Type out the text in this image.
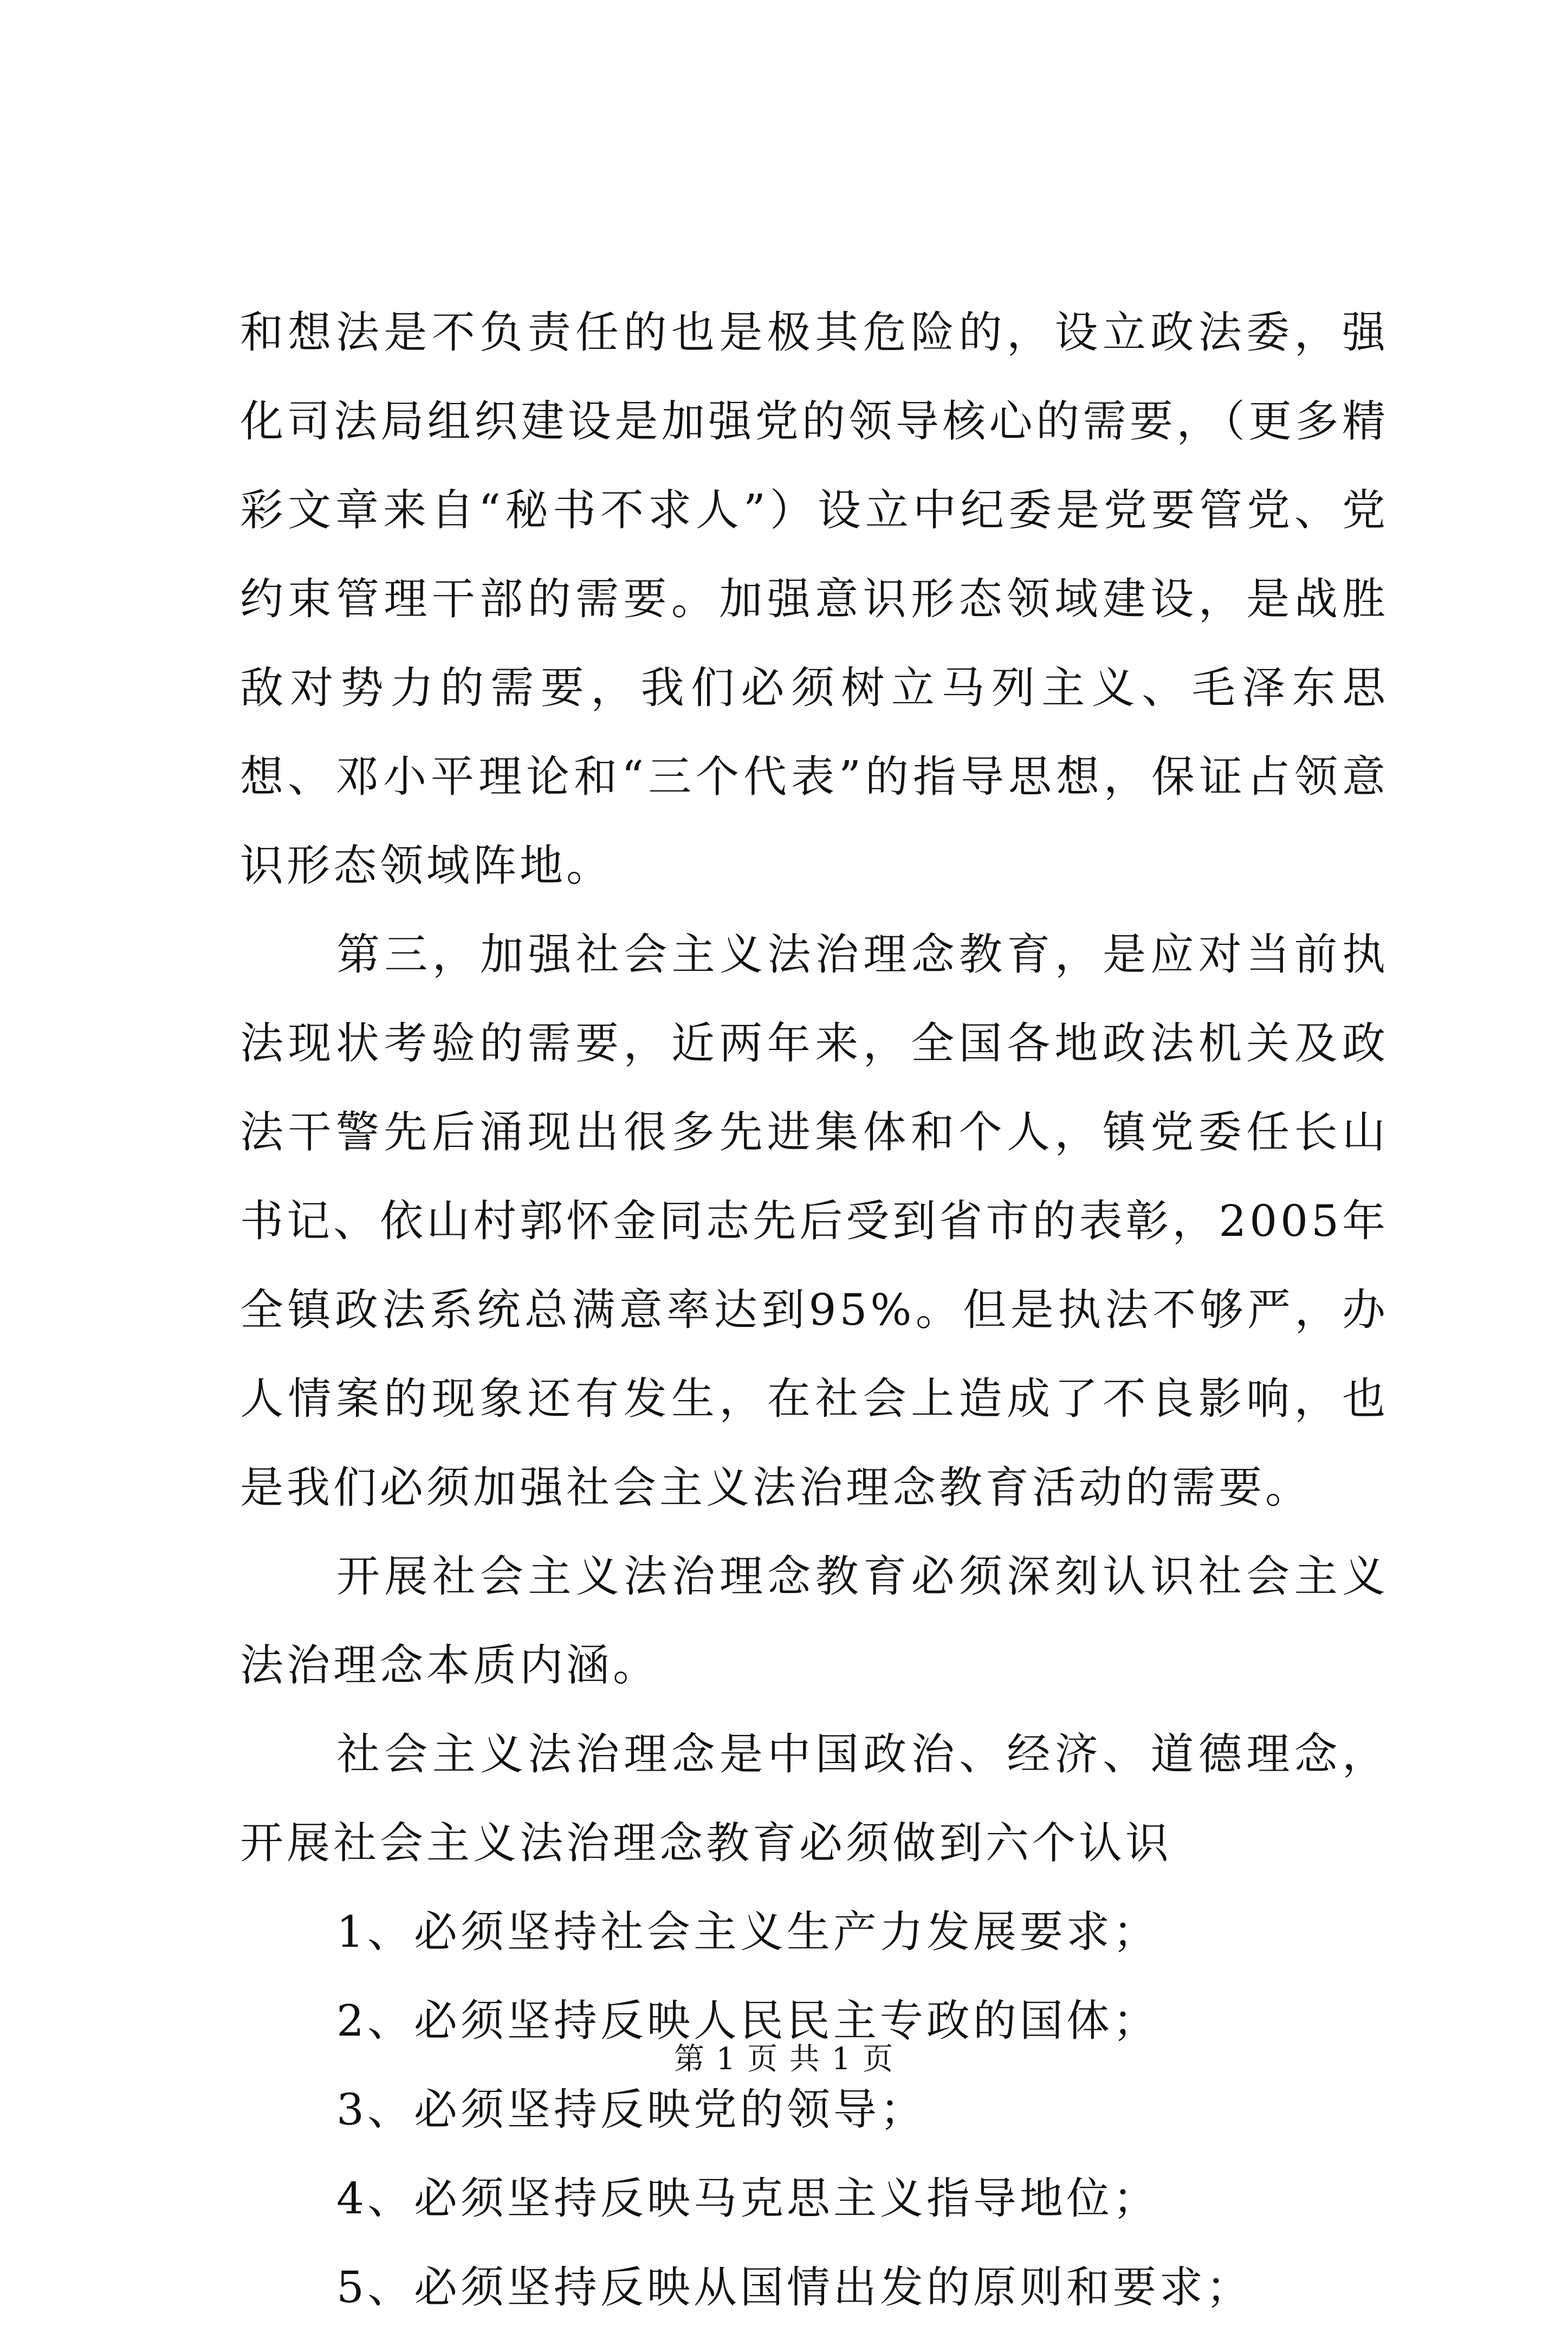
和想法是不负责任的也是极其危险的，设立政法委，强化司法局组织建设是加强党的领导核心的需要，（更多精彩文章来自“秘书不求人”）设立中纪委是党要管党、党约束管理干部的需要。加强意识形态领域建设，是战胜敌对势力的需要，我们必须树立马列主义、毛泽东思想、邓小平理论和“三个代表”的指导思想，保证占领意识形态领域阵地。

第三，加强社会主义法治理念教育，是应对当前执法现状考验的需要，近两年来，全国各地政法机关及政法干警先后涌现出很多先进集体和个人，镇党委任长山书记、依山村郭怀金同志先后受到省市的表彰，2005年全镇政法系统总满意率达到95%。但是执法不够严，办人情案的现象还有发生，在社会上造成了不良影响，也是我们必须加强社会主义法治理念教育活动的需要。

开展社会主义法治理念教育必须深刻认识社会主义法治理念本质内涵。

社会主义法治理念是中国政治、经济、道德理念，开展社会主义法治理念教育必须做到六个认识

1、必须坚持社会主义生产力发展要求；

2、必须坚持反映人民民主专政的国体；

3、必须坚持反映党的领导；

4、必须坚持反映马克思主义指导地位；

5、必须坚持反映从国情出发的原则和要求；

第 1 页 共 1 页
